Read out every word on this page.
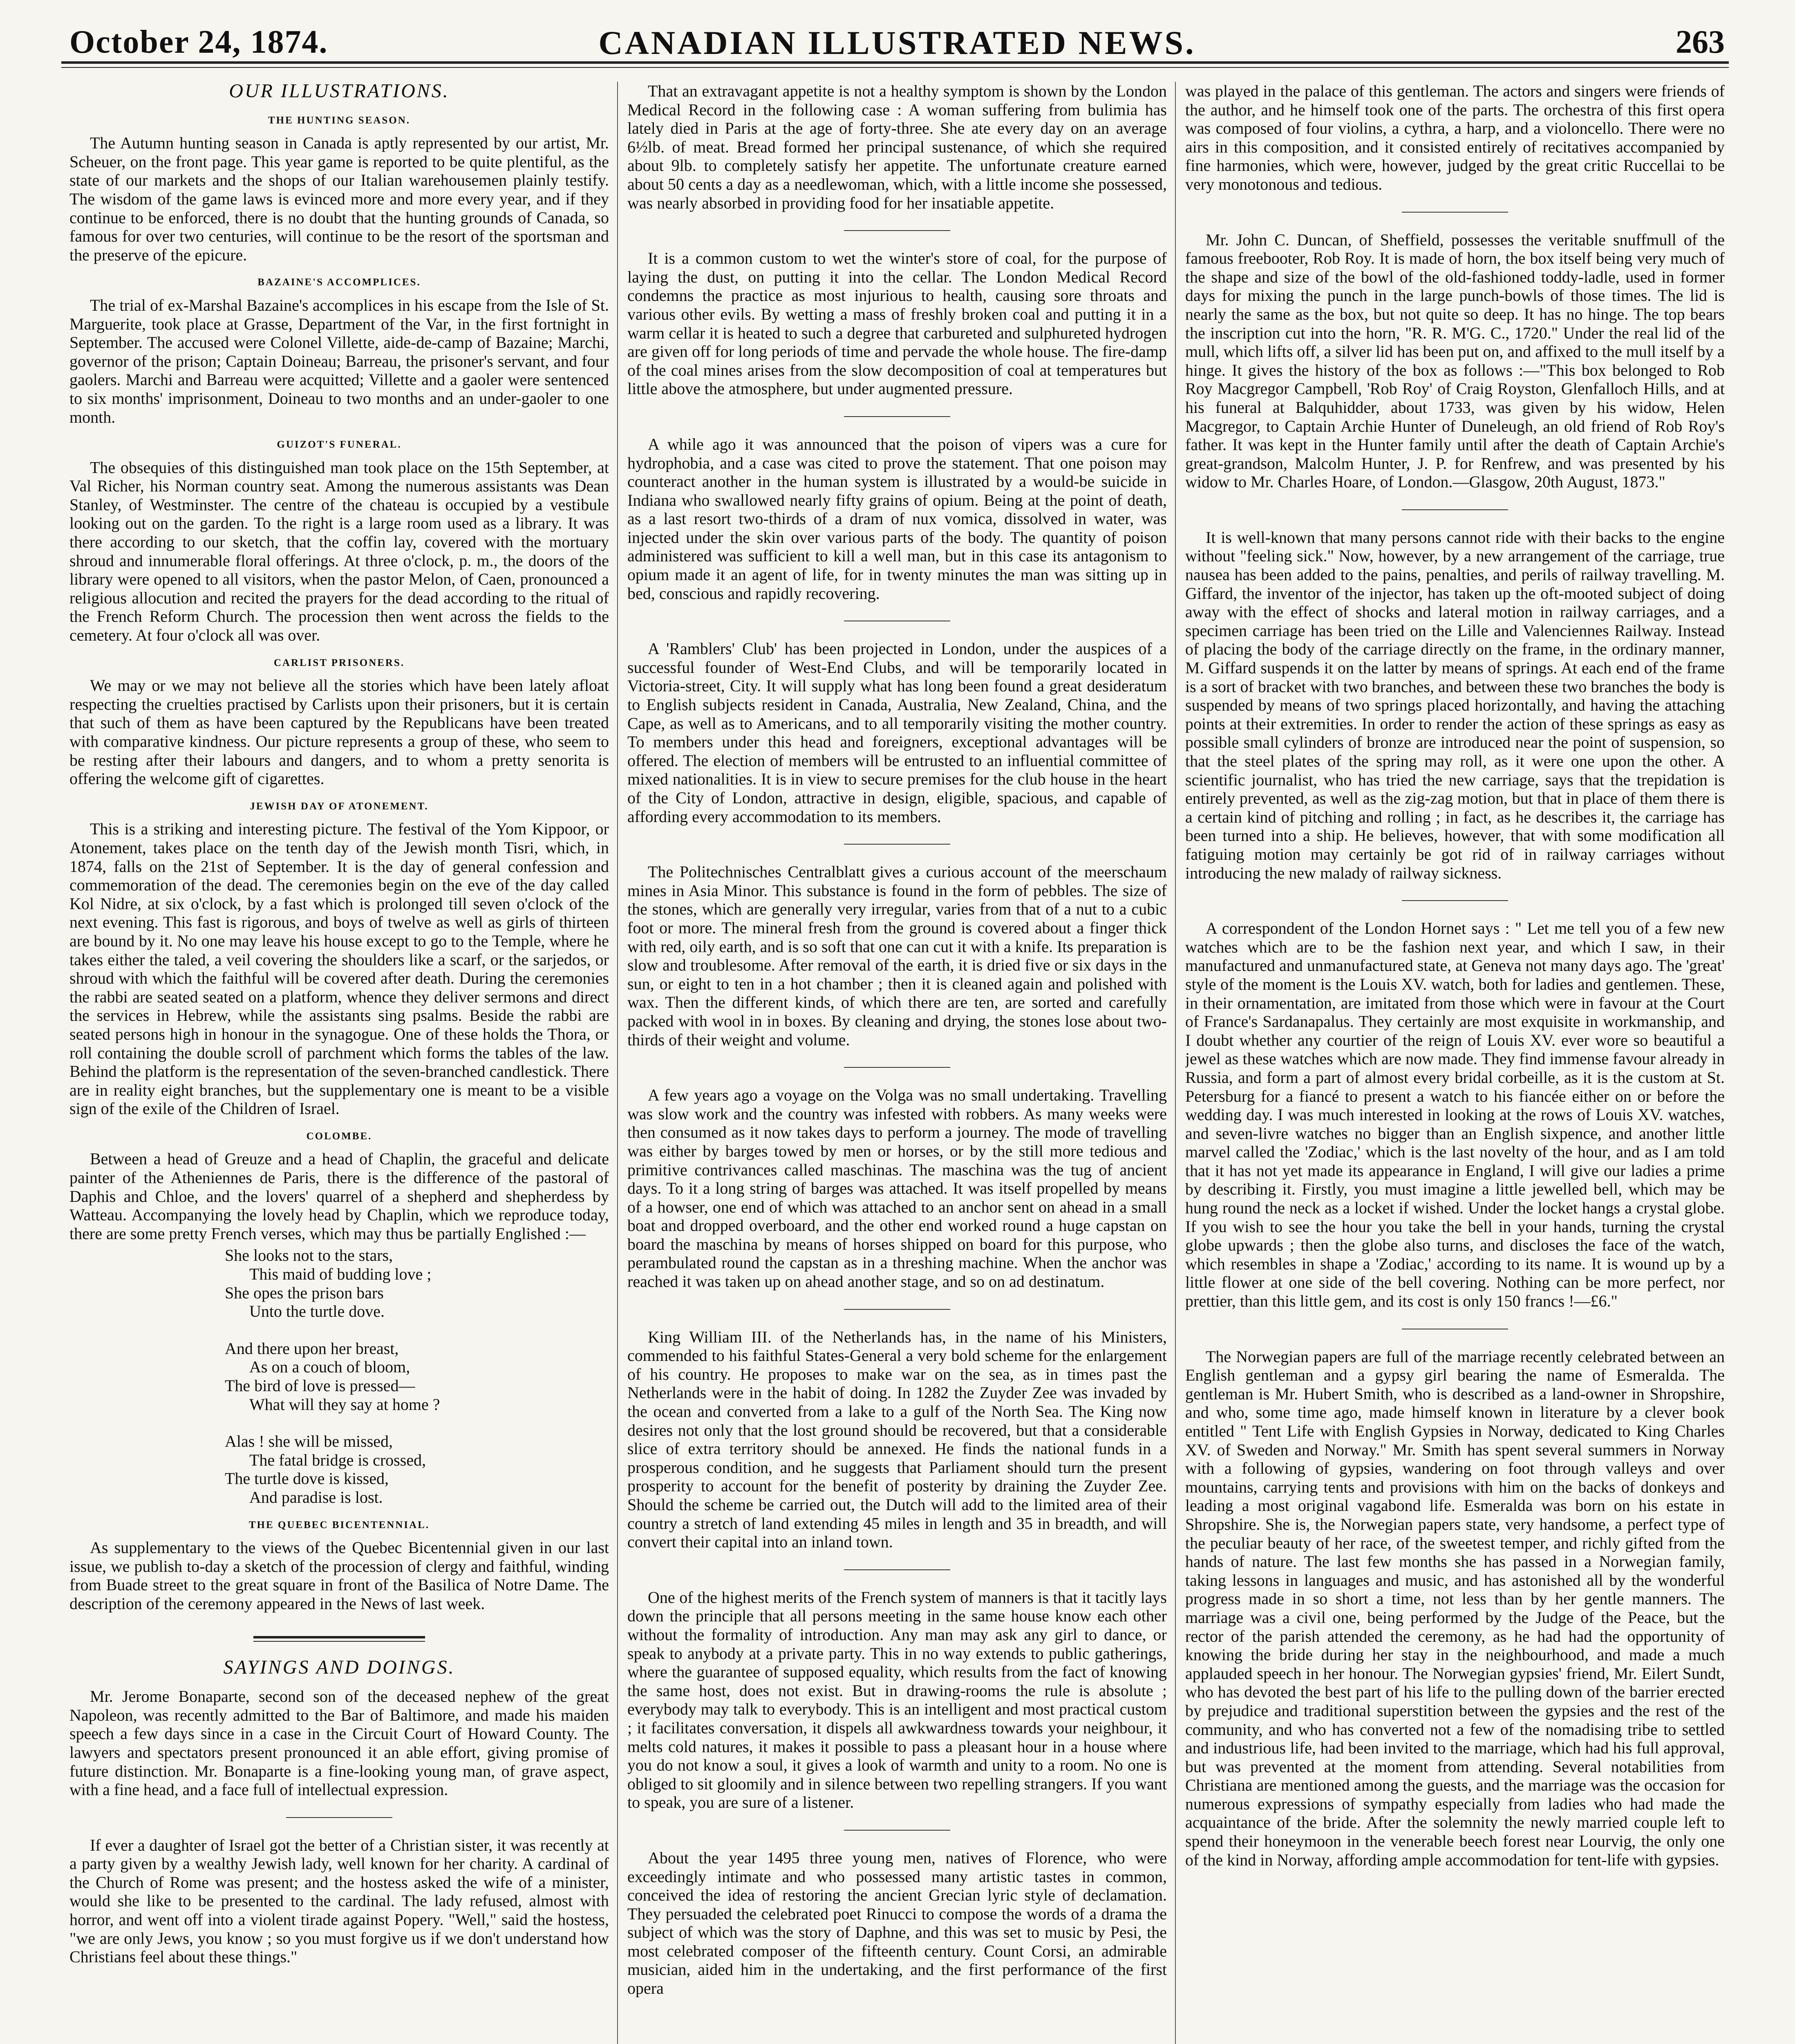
October 24, 1874.	CANADIAN ILLUSTRATED NEWS.	263
OUR ILLUSTRATIONS.
THE HUNTING SEASON.

The Autumn hunting season in Canada is aptly represented by our artist, Mr. Scheuer, on the front page. This year game is reported to be quite plentiful, as the state of our markets and the shops of our Italian warehousemen plainly testify. The wisdom of the game laws is evinced more and more every year, and if they continue to be enforced, there is no doubt that the hunting grounds of Canada, so famous for over two centuries, will continue to be the resort of the sportsman and the preserve of the epicure.

BAZAINE'S ACCOMPLICES.

The trial of ex-Marshal Bazaine's accomplices in his escape from the Isle of St. Marguerite, took place at Grasse, Department of the Var, in the first fortnight in September. The accused were Colonel Villette, aide-de-camp of Bazaine; Marchi, governor of the prison; Captain Doineau; Barreau, the prisoner's servant, and four gaolers. Marchi and Barreau were acquitted; Villette and a gaoler were sentenced to six months' imprisonment, Doineau to two months and an under-gaoler to one month.

GUIZOT'S FUNERAL.

The obsequies of this distinguished man took place on the 15th September, at Val Richer, his Norman country seat. Among the numerous assistants was Dean Stanley, of Westminster. The centre of the chateau is occupied by a vestibule looking out on the garden. To the right is a large room used as a library. It was there according to our sketch, that the coffin lay, covered with the mortuary shroud and innumerable floral offerings. At three o'clock, p. m., the doors of the library were opened to all visitors, when the pastor Melon, of Caen, pronounced a religious allocution and recited the prayers for the dead according to the ritual of the French Reform Church. The procession then went across the fields to the cemetery. At four o'clock all was over.

CARLIST PRISONERS.

We may or we may not believe all the stories which have been lately afloat respecting the cruelties practised by Carlists upon their prisoners, but it is certain that such of them as have been captured by the Republicans have been treated with comparative kindness. Our picture represents a group of these, who seem to be resting after their labours and dangers, and to whom a pretty senorita is offering the welcome gift of cigarettes.

JEWISH DAY OF ATONEMENT.

This is a striking and interesting picture. The festival of the Yom Kippoor, or Atonement, takes place on the tenth day of the Jewish month Tisri, which, in 1874, falls on the 21st of September. It is the day of general confession and commemoration of the dead. The ceremonies begin on the eve of the day called Kol Nidre, at six o'clock, by a fast which is prolonged till seven o'clock of the next evening. This fast is rigorous, and boys of twelve as well as girls of thirteen are bound by it. No one may leave his house except to go to the Temple, where he takes either the taled, a veil covering the shoulders like a scarf, or the sarjedos, or shroud with which the faithful will be covered after death. During the ceremonies the rabbi are seated seated on a platform, whence they deliver sermons and direct the services in Hebrew, while the assistants sing psalms. Beside the rabbi are seated persons high in honour in the synagogue. One of these holds the Thora, or roll containing the double scroll of parchment which forms the tables of the law. Behind the platform is the representation of the seven-branched candlestick. There are in reality eight branches, but the supplementary one is meant to be a visible sign of the exile of the Children of Israel.

COLOMBE.

Between a head of Greuze and a head of Chaplin, the graceful and delicate painter of the Atheniennes de Paris, there is the difference of the pastoral of Daphis and Chloe, and the lovers' quarrel of a shepherd and shepherdess by Watteau. Accompanying the lovely head by Chaplin, which we reproduce today, there are some pretty French verses, which may thus be partially Englished :—

She looks not to the stars,

This maid of budding love ;

She opes the prison bars

Unto the turtle dove.

And there upon her breast,

As on a couch of bloom,

The bird of love is pressed—

What will they say at home ?

Alas ! she will be missed,

The fatal bridge is crossed,

The turtle dove is kissed,

And paradise is lost.

THE QUEBEC BICENTENNIAL.

As supplementary to the views of the Quebec Bicentennial given in our last issue, we publish to-day a sketch of the procession of clergy and faithful, winding from Buade street to the great square in front of the Basilica of Notre Dame. The description of the ceremony appeared in the News of last week.

SAYINGS AND DOINGS.

Mr. Jerome Bonaparte, second son of the deceased nephew of the great Napoleon, was recently admitted to the Bar of Baltimore, and made his maiden speech a few days since in a case in the Circuit Court of Howard County. The lawyers and spectators present pronounced it an able effort, giving promise of future distinction. Mr. Bonaparte is a fine-looking young man, of grave aspect, with a fine head, and a face full of intellectual expression.

If ever a daughter of Israel got the better of a Christian sister, it was recently at a party given by a wealthy Jewish lady, well known for her charity. A cardinal of the Church of Rome was present; and the hostess asked the wife of a minister, would she like to be presented to the cardinal. The lady refused, almost with horror, and went off into a violent tirade against Popery. "Well," said the hostess, "we are only Jews, you know ; so you must forgive us if we don't understand how Christians feel about these things."

That an extravagant appetite is not a healthy symptom is shown by the London Medical Record in the following case : A woman suffering from bulimia has lately died in Paris at the age of forty-three. She ate every day on an average 6½lb. of meat. Bread formed her principal sustenance, of which she required about 9lb. to completely satisfy her appetite. The unfortunate creature earned about 50 cents a day as a needlewoman, which, with a little income she possessed, was nearly absorbed in providing food for her insatiable appetite.

It is a common custom to wet the winter's store of coal, for the purpose of laying the dust, on putting it into the cellar. The London Medical Record condemns the practice as most injurious to health, causing sore throats and various other evils. By wetting a mass of freshly broken coal and putting it in a warm cellar it is heated to such a degree that carbureted and sulphureted hydrogen are given off for long periods of time and pervade the whole house. The fire-damp of the coal mines arises from the slow decomposition of coal at temperatures but little above the atmosphere, but under augmented pressure.

A while ago it was announced that the poison of vipers was a cure for hydrophobia, and a case was cited to prove the statement. That one poison may counteract another in the human system is illustrated by a would-be suicide in Indiana who swallowed nearly fifty grains of opium. Being at the point of death, as a last resort two-thirds of a dram of nux vomica, dissolved in water, was injected under the skin over various parts of the body. The quantity of poison administered was sufficient to kill a well man, but in this case its antagonism to opium made it an agent of life, for in twenty minutes the man was sitting up in bed, conscious and rapidly recovering.

A 'Ramblers' Club' has been projected in London, under the auspices of a successful founder of West-End Clubs, and will be temporarily located in Victoria-street, City. It will supply what has long been found a great desideratum to English subjects resident in Canada, Australia, New Zealand, China, and the Cape, as well as to Americans, and to all temporarily visiting the mother country. To members under this head and foreigners, exceptional advantages will be offered. The election of members will be entrusted to an influential committee of mixed nationalities. It is in view to secure premises for the club house in the heart of the City of London, attractive in design, eligible, spacious, and capable of affording every accommodation to its members.

The Politechnisches Centralblatt gives a curious account of the meerschaum mines in Asia Minor. This substance is found in the form of pebbles. The size of the stones, which are generally very irregular, varies from that of a nut to a cubic foot or more. The mineral fresh from the ground is covered about a finger thick with red, oily earth, and is so soft that one can cut it with a knife. Its preparation is slow and troublesome. After removal of the earth, it is dried five or six days in the sun, or eight to ten in a hot chamber ; then it is cleaned again and polished with wax. Then the different kinds, of which there are ten, are sorted and carefully packed with wool in in boxes. By cleaning and drying, the stones lose about two-thirds of their weight and volume.

A few years ago a voyage on the Volga was no small undertaking. Travelling was slow work and the country was infested with robbers. As many weeks were then consumed as it now takes days to perform a journey. The mode of travelling was either by barges towed by men or horses, or by the still more tedious and primitive contrivances called maschinas. The maschina was the tug of ancient days. To it a long string of barges was attached. It was itself propelled by means of a howser, one end of which was attached to an anchor sent on ahead in a small boat and dropped overboard, and the other end worked round a huge capstan on board the maschina by means of horses shipped on board for this purpose, who perambulated round the capstan as in a threshing machine. When the anchor was reached it was taken up on ahead another stage, and so on ad destinatum.

King William III. of the Netherlands has, in the name of his Ministers, commended to his faithful States-General a very bold scheme for the enlargement of his country. He proposes to make war on the sea, as in times past the Netherlands were in the habit of doing. In 1282 the Zuyder Zee was invaded by the ocean and converted from a lake to a gulf of the North Sea. The King now desires not only that the lost ground should be recovered, but that a considerable slice of extra territory should be annexed. He finds the national funds in a prosperous condition, and he suggests that Parliament should turn the present prosperity to account for the benefit of posterity by draining the Zuyder Zee. Should the scheme be carried out, the Dutch will add to the limited area of their country a stretch of land extending 45 miles in length and 35 in breadth, and will convert their capital into an inland town.

One of the highest merits of the French system of manners is that it tacitly lays down the principle that all persons meeting in the same house know each other without the formality of introduction. Any man may ask any girl to dance, or speak to anybody at a private party. This in no way extends to public gatherings, where the guarantee of supposed equality, which results from the fact of knowing the same host, does not exist. But in drawing-rooms the rule is absolute ; everybody may talk to everybody. This is an intelligent and most practical custom ; it facilitates conversation, it dispels all awkwardness towards your neighbour, it melts cold natures, it makes it possible to pass a pleasant hour in a house where you do not know a soul, it gives a look of warmth and unity to a room. No one is obliged to sit gloomily and in silence between two repelling strangers. If you want to speak, you are sure of a listener.

About the year 1495 three young men, natives of Florence, who were exceedingly intimate and who possessed many artistic tastes in common, conceived the idea of restoring the ancient Grecian lyric style of declamation. They persuaded the celebrated poet Rinucci to compose the words of a drama the subject of which was the story of Daphne, and this was set to music by Pesi, the most celebrated composer of the fifteenth century. Count Corsi, an admirable musician, aided him in the undertaking, and the first performance of the first opera

was played in the palace of this gentleman. The actors and singers were friends of the author, and he himself took one of the parts. The orchestra of this first opera was composed of four violins, a cythra, a harp, and a violoncello. There were no airs in this composition, and it consisted entirely of recitatives accompanied by fine harmonies, which were, however, judged by the great critic Ruccellai to be very monotonous and tedious.

Mr. John C. Duncan, of Sheffield, possesses the veritable snuffmull of the famous freebooter, Rob Roy. It is made of horn, the box itself being very much of the shape and size of the bowl of the old-fashioned toddy-ladle, used in former days for mixing the punch in the large punch-bowls of those times. The lid is nearly the same as the box, but not quite so deep. It has no hinge. The top bears the inscription cut into the horn, "R. R. M'G. C., 1720." Under the real lid of the mull, which lifts off, a silver lid has been put on, and affixed to the mull itself by a hinge. It gives the history of the box as follows :—"This box belonged to Rob Roy Macgregor Campbell, 'Rob Roy' of Craig Royston, Glenfalloch Hills, and at his funeral at Balquhidder, about 1733, was given by his widow, Helen Macgregor, to Captain Archie Hunter of Duneleugh, an old friend of Rob Roy's father. It was kept in the Hunter family until after the death of Captain Archie's great-grandson, Malcolm Hunter, J. P. for Renfrew, and was presented by his widow to Mr. Charles Hoare, of London.—Glasgow, 20th August, 1873."

It is well-known that many persons cannot ride with their backs to the engine without "feeling sick." Now, however, by a new arrangement of the carriage, true nausea has been added to the pains, penalties, and perils of railway travelling. M. Giffard, the inventor of the injector, has taken up the oft-mooted subject of doing away with the effect of shocks and lateral motion in railway carriages, and a specimen carriage has been tried on the Lille and Valenciennes Railway. Instead of placing the body of the carriage directly on the frame, in the ordinary manner, M. Giffard suspends it on the latter by means of springs. At each end of the frame is a sort of bracket with two branches, and between these two branches the body is suspended by means of two springs placed horizontally, and having the attaching points at their extremities. In order to render the action of these springs as easy as possible small cylinders of bronze are introduced near the point of suspension, so that the steel plates of the spring may roll, as it were one upon the other. A scientific journalist, who has tried the new carriage, says that the trepidation is entirely prevented, as well as the zig-zag motion, but that in place of them there is a certain kind of pitching and rolling ; in fact, as he describes it, the carriage has been turned into a ship. He believes, however, that with some modification all fatiguing motion may certainly be got rid of in railway carriages without introducing the new malady of railway sickness.

A correspondent of the London Hornet says : " Let me tell you of a few new watches which are to be the fashion next year, and which I saw, in their manufactured and unmanufactured state, at Geneva not many days ago. The 'great' style of the moment is the Louis XV. watch, both for ladies and gentlemen. These, in their ornamentation, are imitated from those which were in favour at the Court of France's Sardanapalus. They certainly are most exquisite in workmanship, and I doubt whether any courtier of the reign of Louis XV. ever wore so beautiful a jewel as these watches which are now made. They find immense favour already in Russia, and form a part of almost every bridal corbeille, as it is the custom at St. Petersburg for a fiancé to present a watch to his fiancée either on or before the wedding day. I was much interested in looking at the rows of Louis XV. watches, and seven-livre watches no bigger than an English sixpence, and another little marvel called the 'Zodiac,' which is the last novelty of the hour, and as I am told that it has not yet made its appearance in England, I will give our ladies a prime by describing it. Firstly, you must imagine a little jewelled bell, which may be hung round the neck as a locket if wished. Under the locket hangs a crystal globe. If you wish to see the hour you take the bell in your hands, turning the crystal globe upwards ; then the globe also turns, and discloses the face of the watch, which resembles in shape a 'Zodiac,' according to its name. It is wound up by a little flower at one side of the bell covering. Nothing can be more perfect, nor prettier, than this little gem, and its cost is only 150 francs !—£6."

The Norwegian papers are full of the marriage recently celebrated between an English gentleman and a gypsy girl bearing the name of Esmeralda. The gentleman is Mr. Hubert Smith, who is described as a land-owner in Shropshire, and who, some time ago, made himself known in literature by a clever book entitled " Tent Life with English Gypsies in Norway, dedicated to King Charles XV. of Sweden and Norway." Mr. Smith has spent several summers in Norway with a following of gypsies, wandering on foot through valleys and over mountains, carrying tents and provisions with him on the backs of donkeys and leading a most original vagabond life. Esmeralda was born on his estate in Shropshire. She is, the Norwegian papers state, very handsome, a perfect type of the peculiar beauty of her race, of the sweetest temper, and richly gifted from the hands of nature. The last few months she has passed in a Norwegian family, taking lessons in languages and music, and has astonished all by the wonderful progress made in so short a time, not less than by her gentle manners. The marriage was a civil one, being performed by the Judge of the Peace, but the rector of the parish attended the ceremony, as he had had the opportunity of knowing the bride during her stay in the neighbourhood, and made a much applauded speech in her honour. The Norwegian gypsies' friend, Mr. Eilert Sundt, who has devoted the best part of his life to the pulling down of the barrier erected by prejudice and traditional superstition between the gypsies and the rest of the community, and who has converted not a few of the nomadising tribe to settled and industrious life, had been invited to the marriage, which had his full approval, but was prevented at the moment from attending. Several notabilities from Christiana are mentioned among the guests, and the marriage was the occasion for numerous expressions of sympathy especially from ladies who had made the acquaintance of the bride. After the solemnity the newly married couple left to spend their honeymoon in the venerable beech forest near Lourvig, the only one of the kind in Norway, affording ample accommodation for tent-life with gypsies.
